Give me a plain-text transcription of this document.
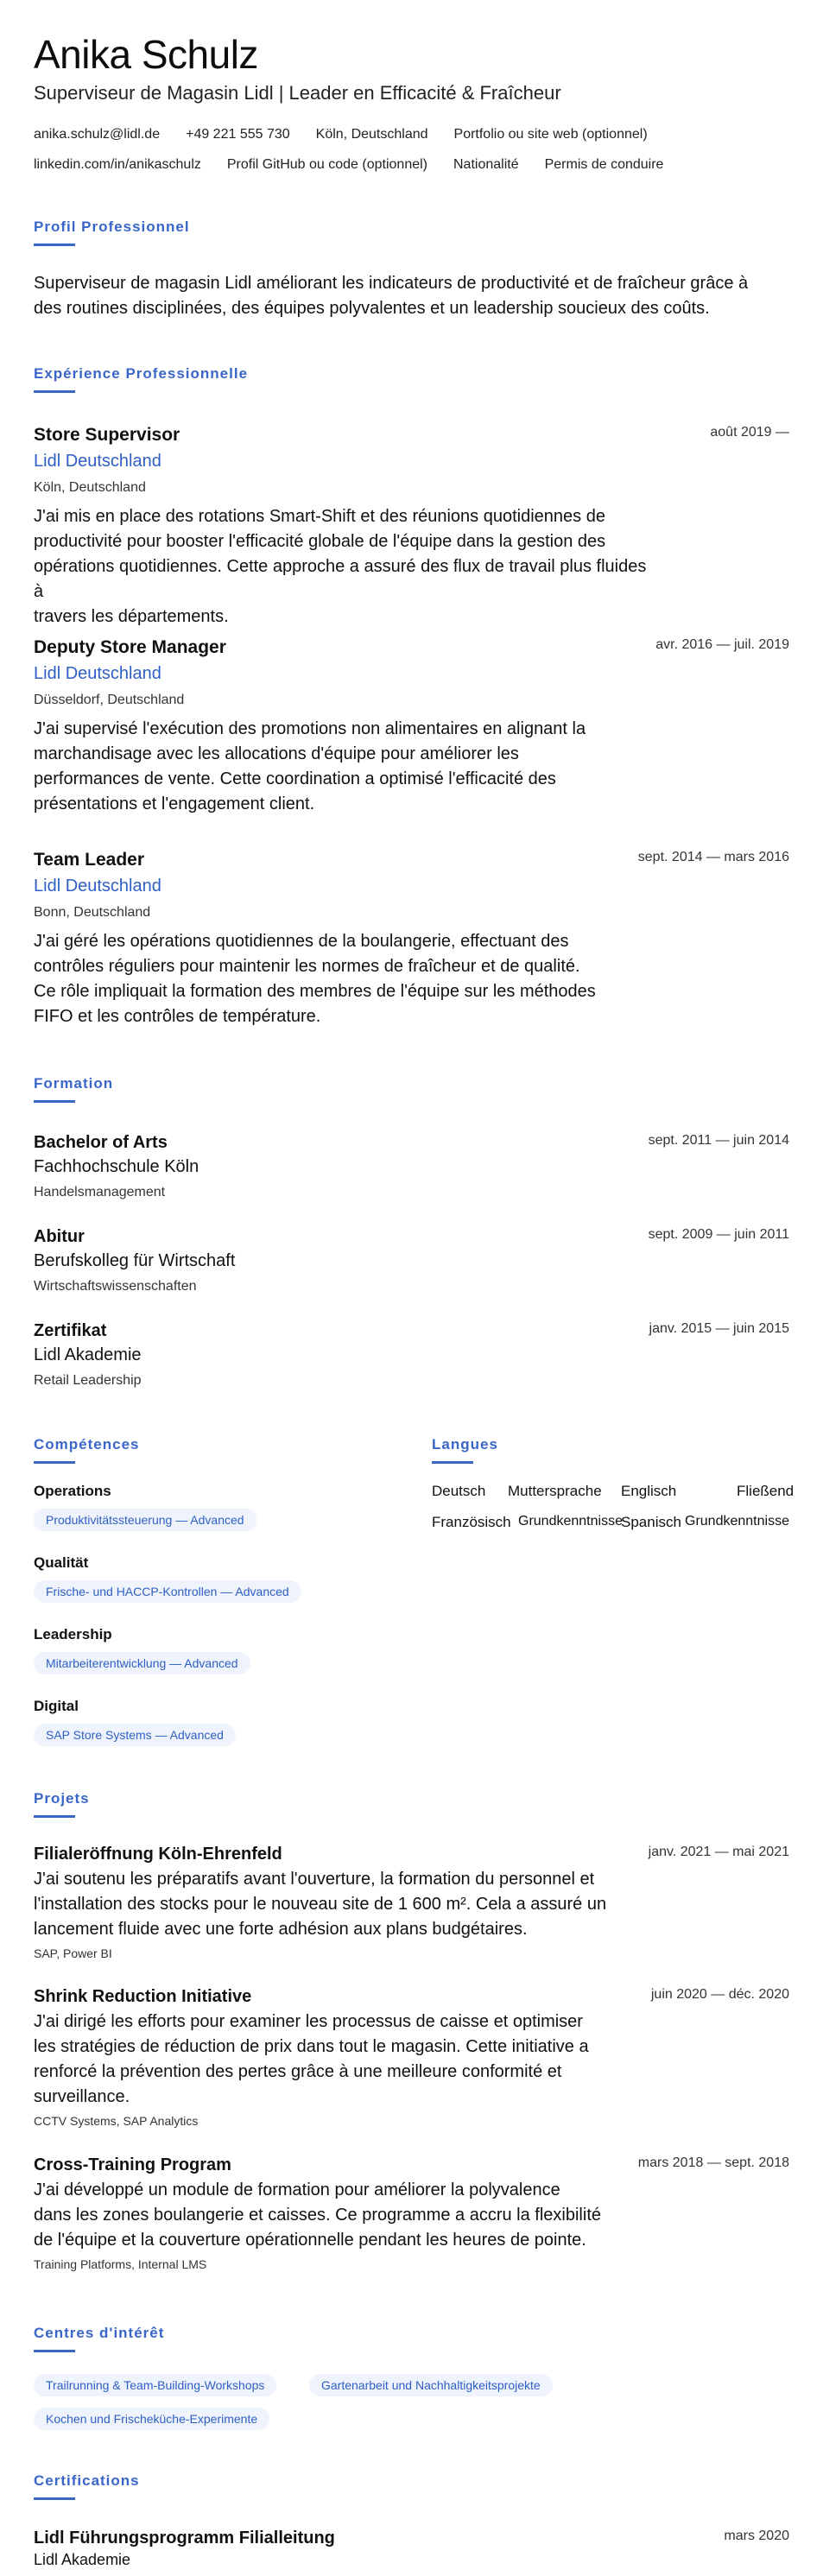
Anika Schulz
Superviseur de Magasin Lidl | Leader en Efficacité & Fraîcheur
anika.schulz@lidl.de +49 221 555 730 Köln, Deutschland Portfolio ou site web (optionnel)
linkedin.com/in/anikaschulz Profil GitHub ou code (optionnel) Nationalité Permis de conduire
Profil Professionnel
Superviseur de magasin Lidl améliorant les indicateurs de productivité et de fraîcheur grâce à
des routines disciplinées, des équipes polyvalentes et un leadership soucieux des coûts.
Expérience Professionnelle
Store Supervisor	août 2019 —
Lidl Deutschland
Köln, Deutschland
J'ai mis en place des rotations Smart-Shift et des réunions quotidiennes de
productivité pour booster l'efficacité globale de l'équipe dans la gestion des
opérations quotidiennes. Cette approche a assuré des flux de travail plus fluides à
travers les départements.
Deputy Store Manager	avr. 2016 — juil. 2019
Lidl Deutschland
Düsseldorf, Deutschland
J'ai supervisé l'exécution des promotions non alimentaires en alignant la
marchandisage avec les allocations d'équipe pour améliorer les
performances de vente. Cette coordination a optimisé l'efficacité des
présentations et l'engagement client.
Team Leader	sept. 2014 — mars 2016
Lidl Deutschland
Bonn, Deutschland
J'ai géré les opérations quotidiennes de la boulangerie, effectuant des
contrôles réguliers pour maintenir les normes de fraîcheur et de qualité.
Ce rôle impliquait la formation des membres de l'équipe sur les méthodes
FIFO et les contrôles de température.
Formation
Bachelor of Arts	sept. 2011 — juin 2014
Fachhochschule Köln
Handelsmanagement
Abitur	sept. 2009 — juin 2011
Berufskolleg für Wirtschaft
Wirtschaftswissenschaften
Zertifikat	janv. 2015 — juin 2015
Lidl Akademie
Retail Leadership
Compétences
Operations
Produktivitätssteuerung — Advanced
Qualität
Frische- und HACCP-Kontrollen — Advanced
Leadership
Mitarbeiterentwicklung — Advanced
Digital
SAP Store Systems — Advanced
Langues
Deutsch Muttersprache Englisch	Fließend
Französisch Grundkenntnisse
Spanisch Grundkenntnisse
Projets
Filialeröffnung Köln-Ehrenfeld	janv. 2021 — mai 2021
J'ai soutenu les préparatifs avant l'ouverture, la formation du personnel et
l'installation des stocks pour le nouveau site de 1 600 m². Cela a assuré un
lancement fluide avec une forte adhésion aux plans budgétaires.
SAP, Power BI
Shrink Reduction Initiative	juin 2020 — déc. 2020
J'ai dirigé les efforts pour examiner les processus de caisse et optimiser
les stratégies de réduction de prix dans tout le magasin. Cette initiative a
renforcé la prévention des pertes grâce à une meilleure conformité et
surveillance.
CCTV Systems, SAP Analytics
Cross-Training Program	mars 2018 — sept. 2018
J'ai développé un module de formation pour améliorer la polyvalence
dans les zones boulangerie et caisses. Ce programme a accru la flexibilité
de l'équipe et la couverture opérationnelle pendant les heures de pointe.
Training Platforms, Internal LMS
Centres d'intérêt
Trailrunning & Team-Building-Workshops	Gartenarbeit und Nachhaltigkeitsprojekte
Kochen und Frischeküche-Experimente
Certifications
Lidl Führungsprogramm Filialleitung	mars 2020
Lidl Akademie
